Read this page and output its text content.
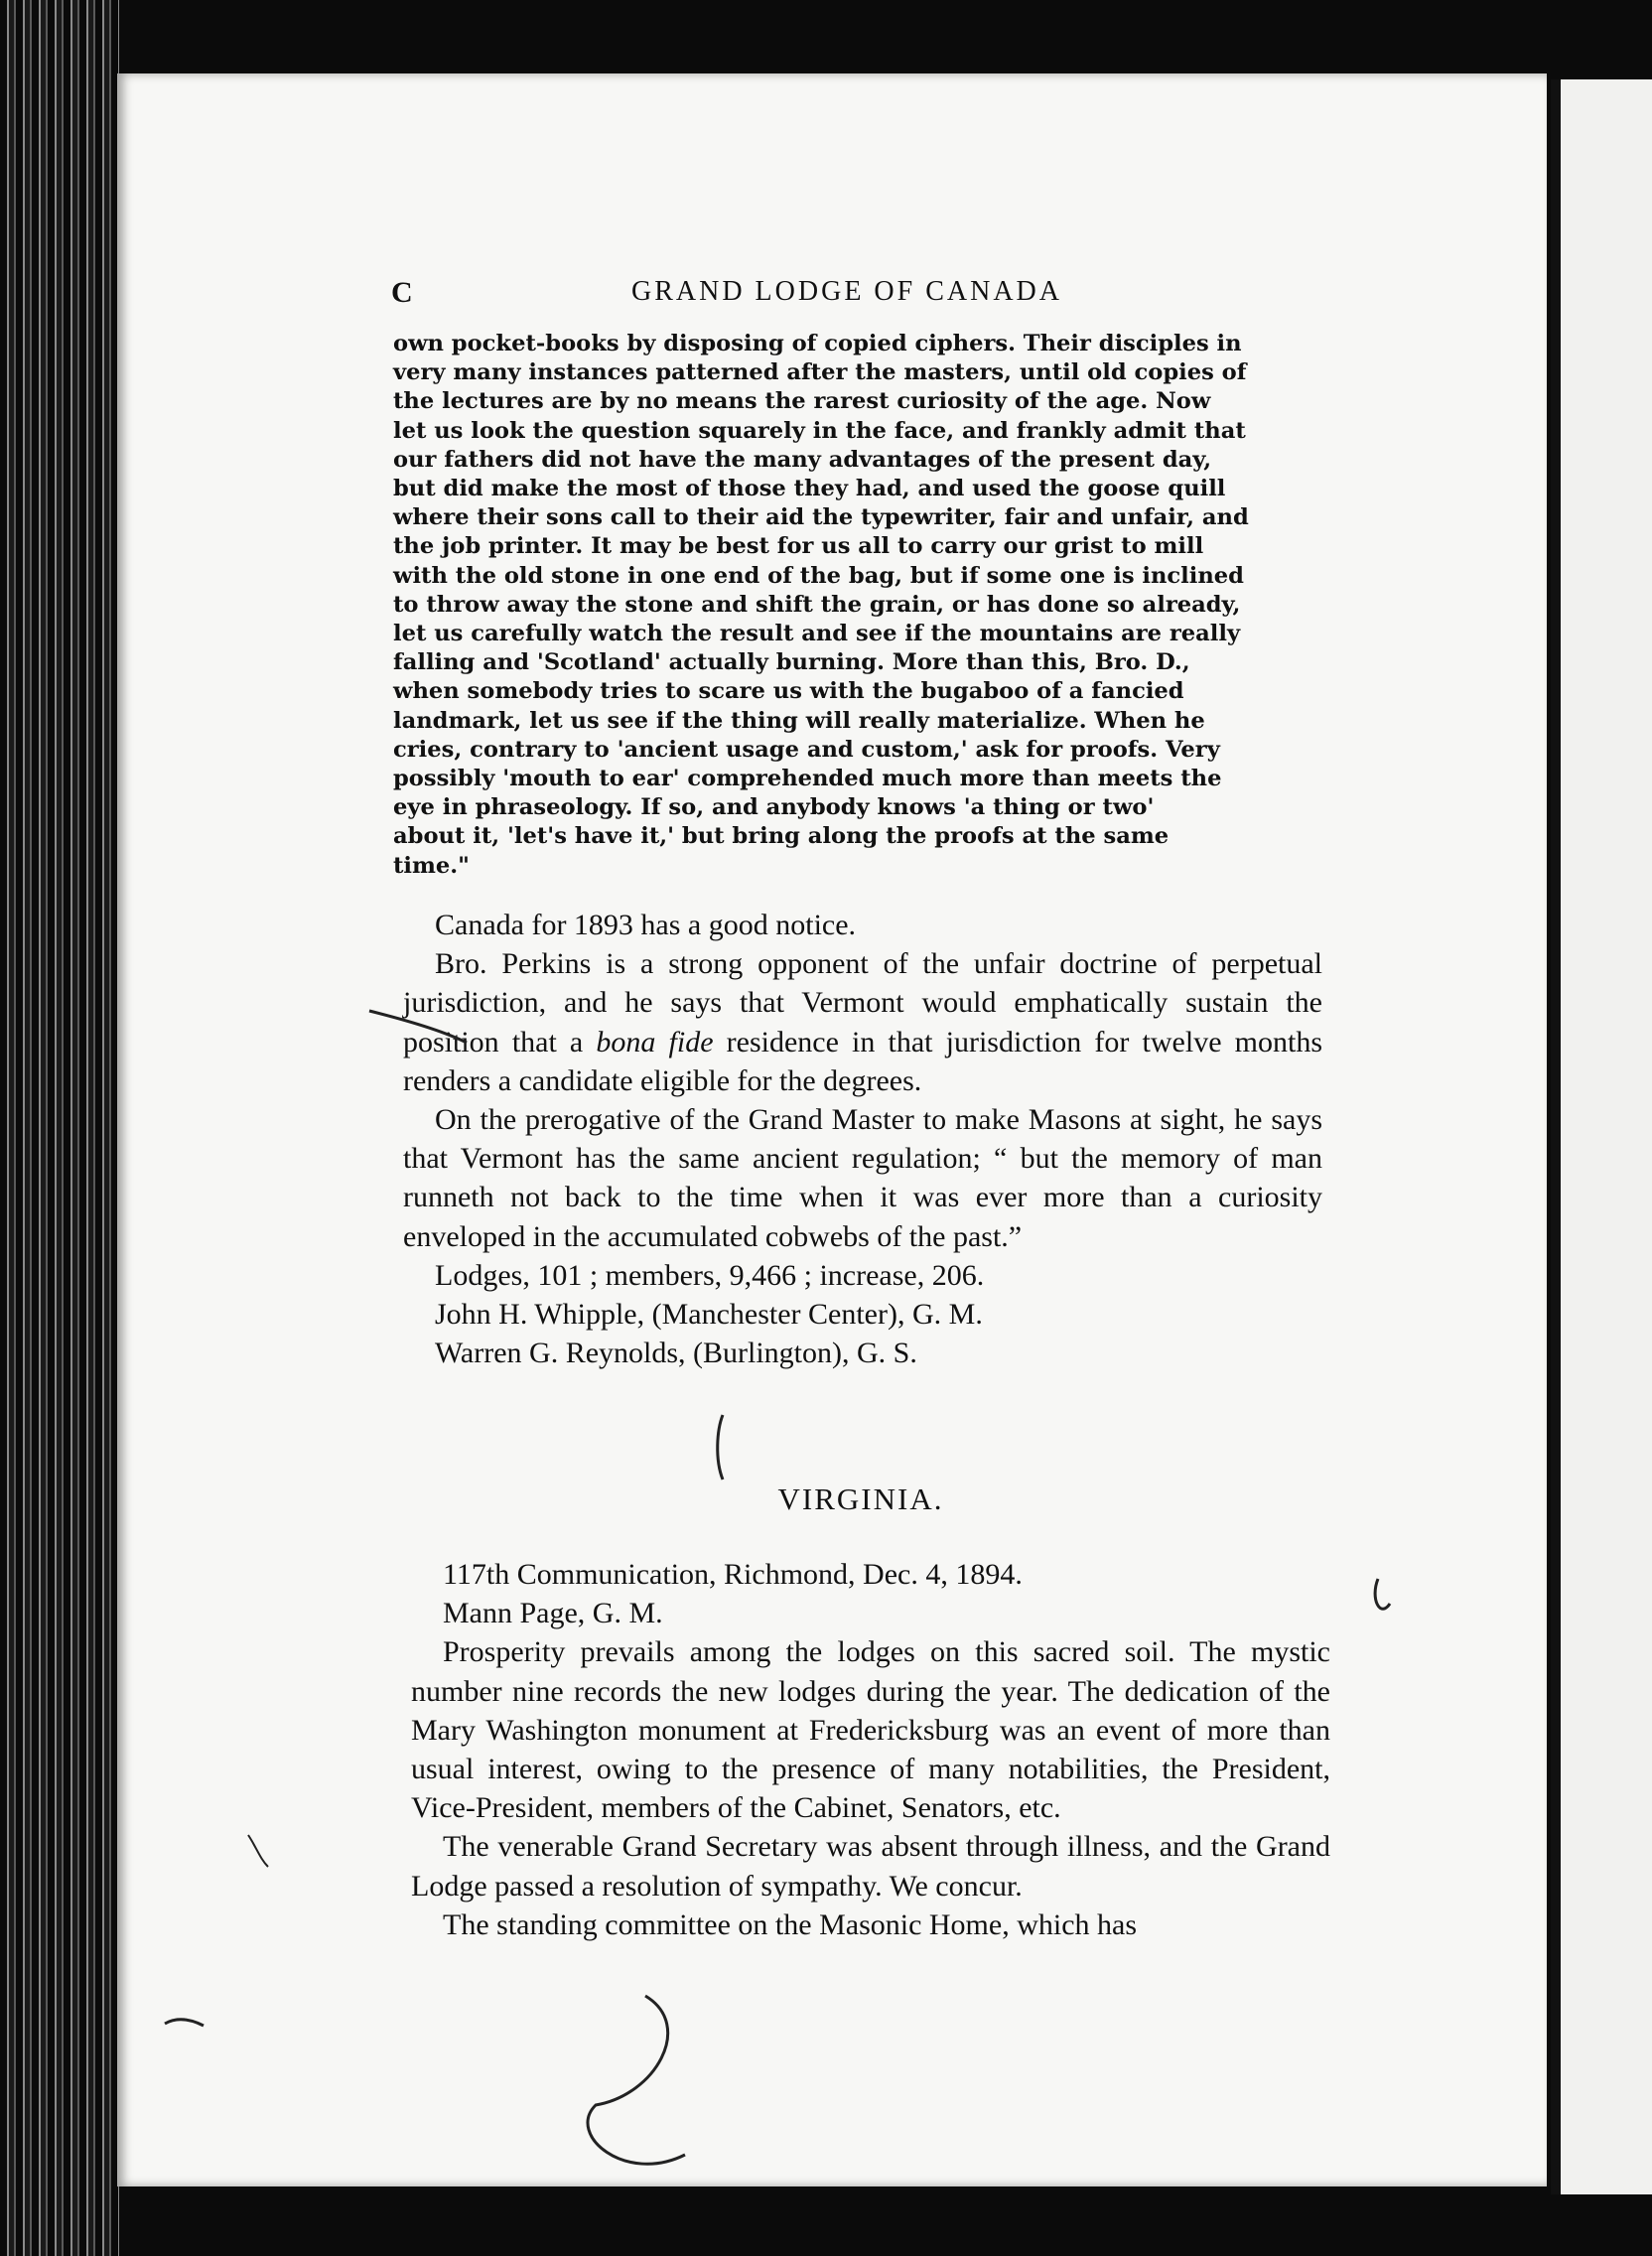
C	GRAND LODGE OF CANADA

own pocket-books by disposing of copied ciphers. Their disciples in

very many instances patterned after the masters, until old copies of

the lectures are by no means the rarest curiosity of the age. Now

let us look the question squarely in the face, and frankly admit that

our fathers did not have the many advantages of the present day,

but did make the most of those they had, and used the goose quill

where their sons call to their aid the typewriter, fair and unfair, and

the job printer. It may be best for us all to carry our grist to mill

with the old stone in one end of the bag, but if some one is inclined

to throw away the stone and shift the grain, or has done so already,

let us carefully watch the result and see if the mountains are really

falling and 'Scotland' actually burning. More than this, Bro. D.,

when somebody tries to scare us with the bugaboo of a fancied

landmark, let us see if the thing will really materialize. When he

cries, contrary to 'ancient usage and custom,' ask for proofs. Very

possibly 'mouth to ear' comprehended much more than meets the

eye in phraseology. If so, and anybody knows 'a thing or two'

about it, 'let's have it,' but bring along the proofs at the same

time."

Canada for 1893 has a good notice.

Bro. Perkins is a strong opponent of the unfair doctrine of perpetual jurisdiction, and he says that Vermont would emphatically sustain the position that a bona fide residence in that jurisdiction for twelve months renders a candidate eligible for the degrees.

On the prerogative of the Grand Master to make Masons at sight, he says that Vermont has the same ancient regulation; “ but the memory of man runneth not back to the time when it was ever more than a curiosity enveloped in the accumulated cobwebs of the past.”

Lodges, 101 ; members, 9,466 ; increase, 206.

John H. Whipple, (Manchester Center), G. M.

Warren G. Reynolds, (Burlington), G. S.

VIRGINIA.

117th Communication, Richmond, Dec. 4, 1894.

Mann Page, G. M.

Prosperity prevails among the lodges on this sacred soil. The mystic number nine records the new lodges during the year. The dedication of the Mary Washington monument at Fredericksburg was an event of more than usual interest, owing to the presence of many notabilities, the President, Vice-President, members of the Cabinet, Senators, etc.

The venerable Grand Secretary was absent through illness, and the Grand Lodge passed a resolution of sympathy. We concur.

The standing committee on the Masonic Home, which has
